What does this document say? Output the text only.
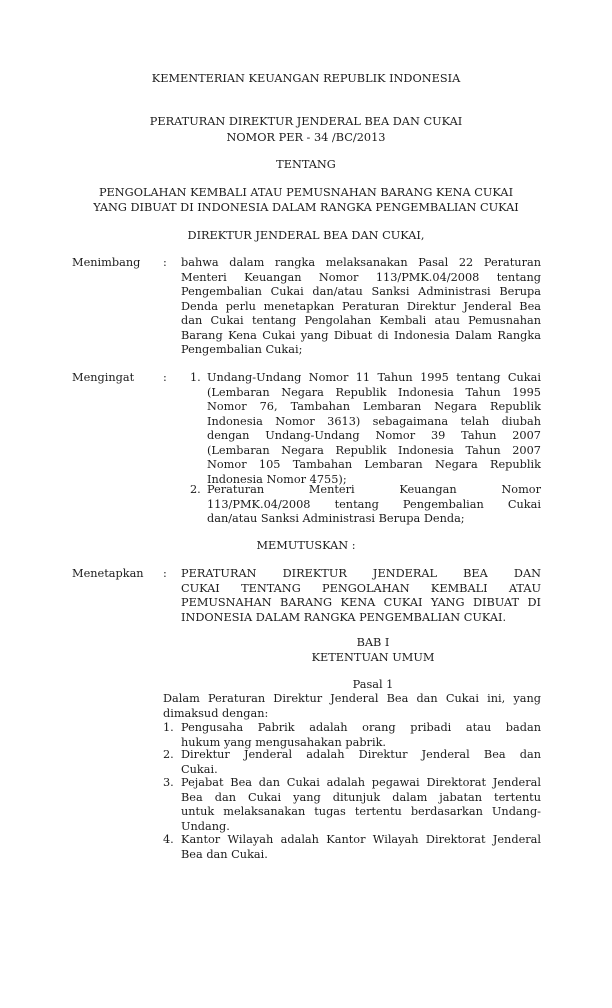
KEMENTERIAN KEUANGAN REPUBLIK INDONESIA
PERATURAN DIREKTUR JENDERAL BEA DAN CUKAI
NOMOR PER - 34 /BC/2013
TENTANG
PENGOLAHAN KEMBALI ATAU PEMUSNAHAN BARANG KENA CUKAI
YANG DIBUAT DI INDONESIA DALAM RANGKA PENGEMBALIAN CUKAI
DIREKTUR JENDERAL BEA DAN CUKAI,
Menimbang : bahwa dalam rangka melaksanakan Pasal 22 Peraturan
Menteri Keuangan Nomor 113/PMK.04/2008 tentang
Pengembalian Cukai dan/atau Sanksi Administrasi Berupa
Denda perlu menetapkan Peraturan Direktur Jenderal Bea
dan Cukai tentang Pengolahan Kembali atau Pemusnahan
Barang Kena Cukai yang Dibuat di Indonesia Dalam Rangka
Pengembalian Cukai;
Mengingat	: 1. Undang-Undang Nomor 11 Tahun 1995 tentang Cukai
(Lembaran Negara Republik Indonesia Tahun 1995
Nomor 76, Tambahan Lembaran Negara Republik
Indonesia Nomor 3613) sebagaimana telah diubah
dengan Undang-Undang Nomor 39 Tahun 2007
(Lembaran Negara Republik Indonesia Tahun 2007
Nomor 105 Tambahan Lembaran Negara Republik
Indonesia Nomor 4755);
2. Peraturan Menteri Keuangan Nomor
113/PMK.04/2008 tentang Pengembalian Cukai
dan/atau Sanksi Administrasi Berupa Denda;
MEMUTUSKAN :
Menetapkan : PERATURAN DIREKTUR JENDERAL BEA DAN
CUKAI TENTANG PENGOLAHAN KEMBALI ATAU
PEMUSNAHAN BARANG KENA CUKAI YANG DIBUAT DI
INDONESIA DALAM RANGKA PENGEMBALIAN CUKAI.
BAB I
KETENTUAN UMUM
Pasal 1
Dalam Peraturan Direktur Jenderal Bea dan Cukai ini, yang
dimaksud dengan:
1. Pengusaha Pabrik adalah orang pribadi atau badan
hukum yang mengusahakan pabrik.
2. Direktur Jenderal adalah Direktur Jenderal Bea dan
Cukai.
3. Pejabat Bea dan Cukai adalah pegawai Direktorat Jenderal
Bea dan Cukai yang ditunjuk dalam jabatan tertentu
untuk melaksanakan tugas tertentu berdasarkan Undang-
Undang.
4. Kantor Wilayah adalah Kantor Wilayah Direktorat Jenderal
Bea dan Cukai.
